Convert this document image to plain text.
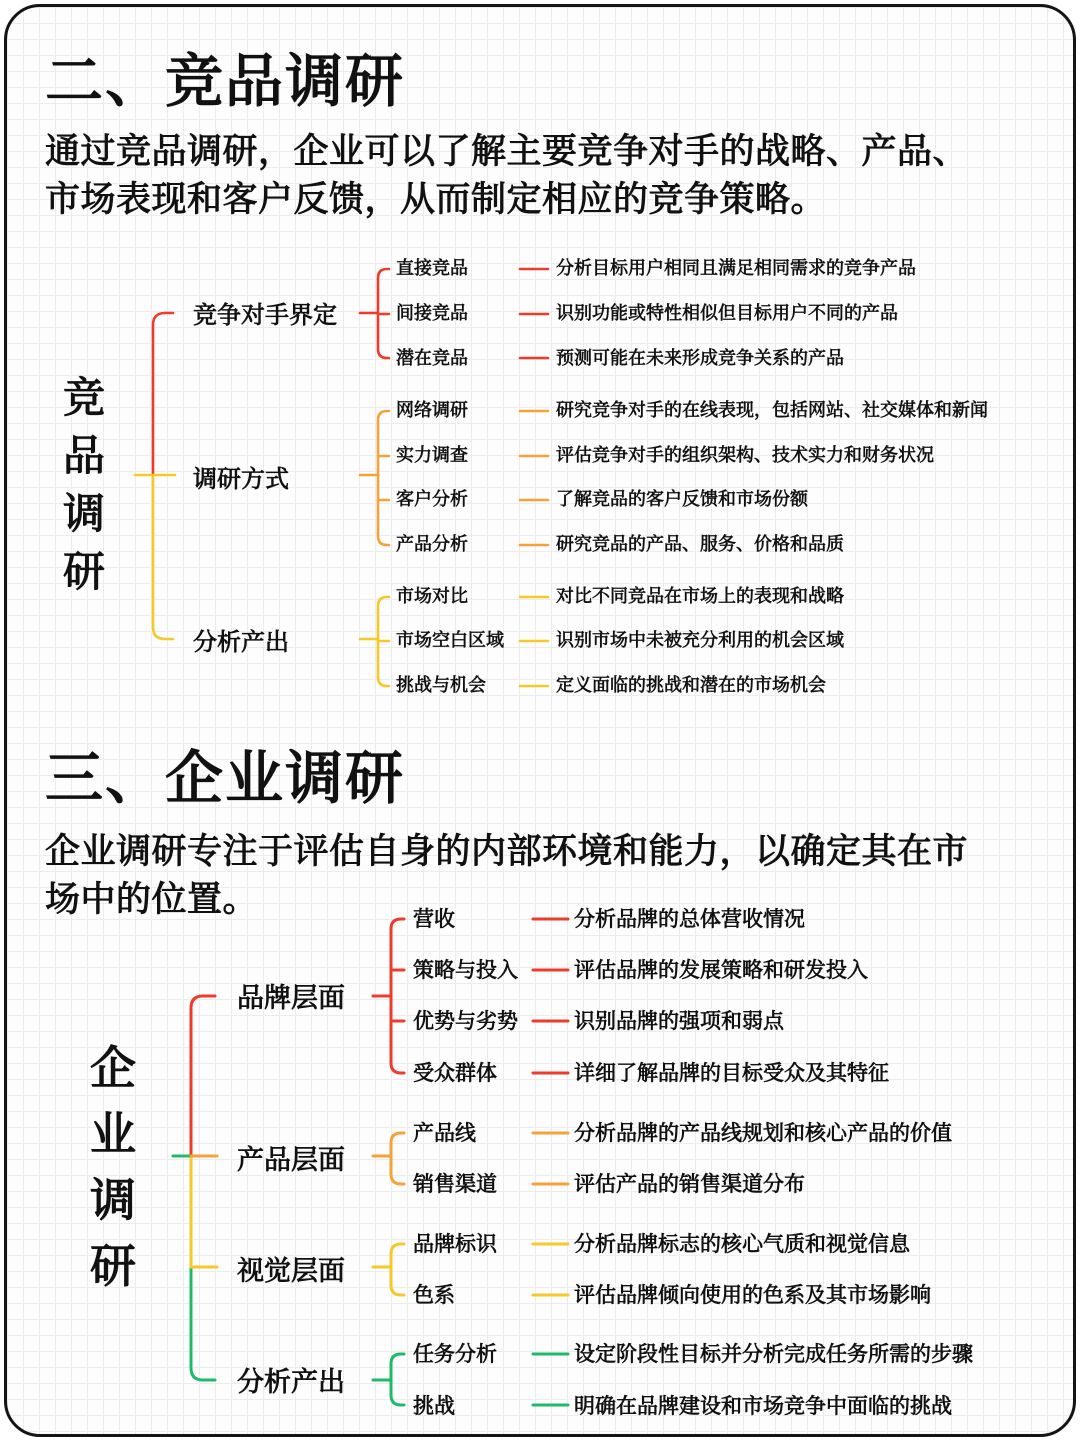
二、竞品调研
通过竞品调研，企业可以了解主要竞争对手的战略、产品、
市场表现和客户反馈，从而制定相应的竞争策略。
竞品调研
竞争对手界定
调研方式
分析产出
直接竞品
间接竞品
潜在竞品
网络调研
实力调查
客户分析
产品分析
市场对比
市场空白区域
挑战与机会
分析目标用户相同且满足相同需求的竞争产品
识别功能或特性相似但目标用户不同的产品
预测可能在未来形成竞争关系的产品
研究竞争对手的在线表现，包括网站、社交媒体和新闻
评估竞争对手的组织架构、技术实力和财务状况
了解竞品的客户反馈和市场份额
研究竞品的产品、服务、价格和品质
对比不同竞品在市场上的表现和战略
识别市场中未被充分利用的机会区域
定义面临的挑战和潜在的市场机会
三、企业调研
企业调研专注于评估自身的内部环境和能力，以确定其在市
场中的位置。
企业调研
品牌层面
产品层面
视觉层面
分析产出
营收
策略与投入
优势与劣势
受众群体
产品线
销售渠道
品牌标识
色系
任务分析
挑战
分析品牌的总体营收情况
评估品牌的发展策略和研发投入
识别品牌的强项和弱点
详细了解品牌的目标受众及其特征
分析品牌的产品线规划和核心产品的价值
评估产品的销售渠道分布
分析品牌标志的核心气质和视觉信息
评估品牌倾向使用的色系及其市场影响
设定阶段性目标并分析完成任务所需的步骤
明确在品牌建设和市场竞争中面临的挑战
